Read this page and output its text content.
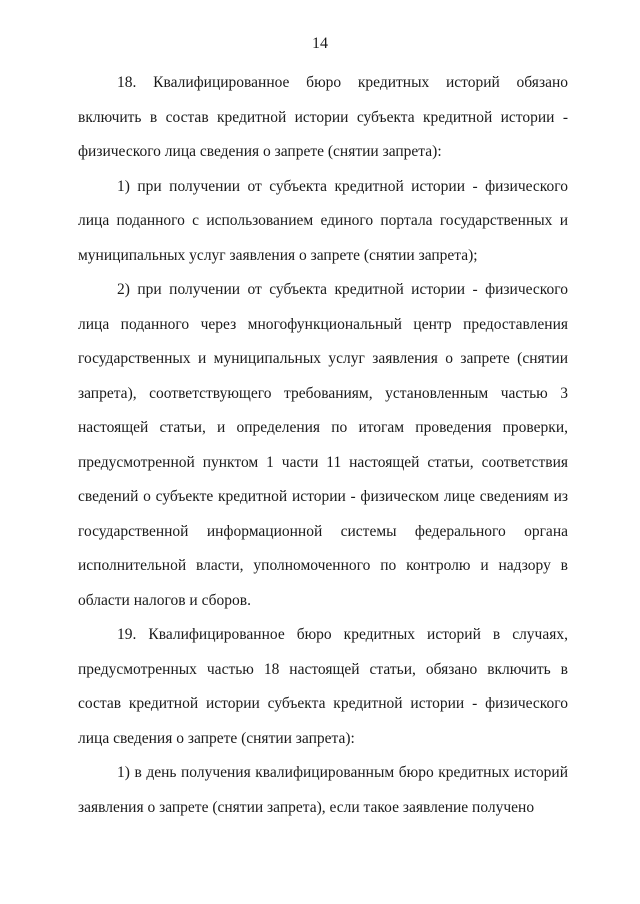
14

18. Квалифицированное бюро кредитных историй обязано включить в состав кредитной истории субъекта кредитной истории - физического лица сведения о запрете (снятии запрета):

1) при получении от субъекта кредитной истории - физического лица поданного с использованием единого портала государственных и муниципальных услуг заявления о запрете (снятии запрета);

2) при получении от субъекта кредитной истории - физического лица поданного через многофункциональный центр предоставления государственных и муниципальных услуг заявления о запрете (снятии запрета), соответствующего требованиям, установленным частью 3 настоящей статьи, и определения по итогам проведения проверки, предусмотренной пунктом 1 части 11 настоящей статьи, соответствия сведений о субъекте кредитной истории - физическом лице сведениям из государственной информационной системы федерального органа исполнительной власти, уполномоченного по контролю и надзору в области налогов и сборов.

19. Квалифицированное бюро кредитных историй в случаях, предусмотренных частью 18 настоящей статьи, обязано включить в состав кредитной истории субъекта кредитной истории - физического лица сведения о запрете (снятии запрета):

1) в день получения квалифицированным бюро кредитных историй заявления о запрете (снятии запрета), если такое заявление получено
